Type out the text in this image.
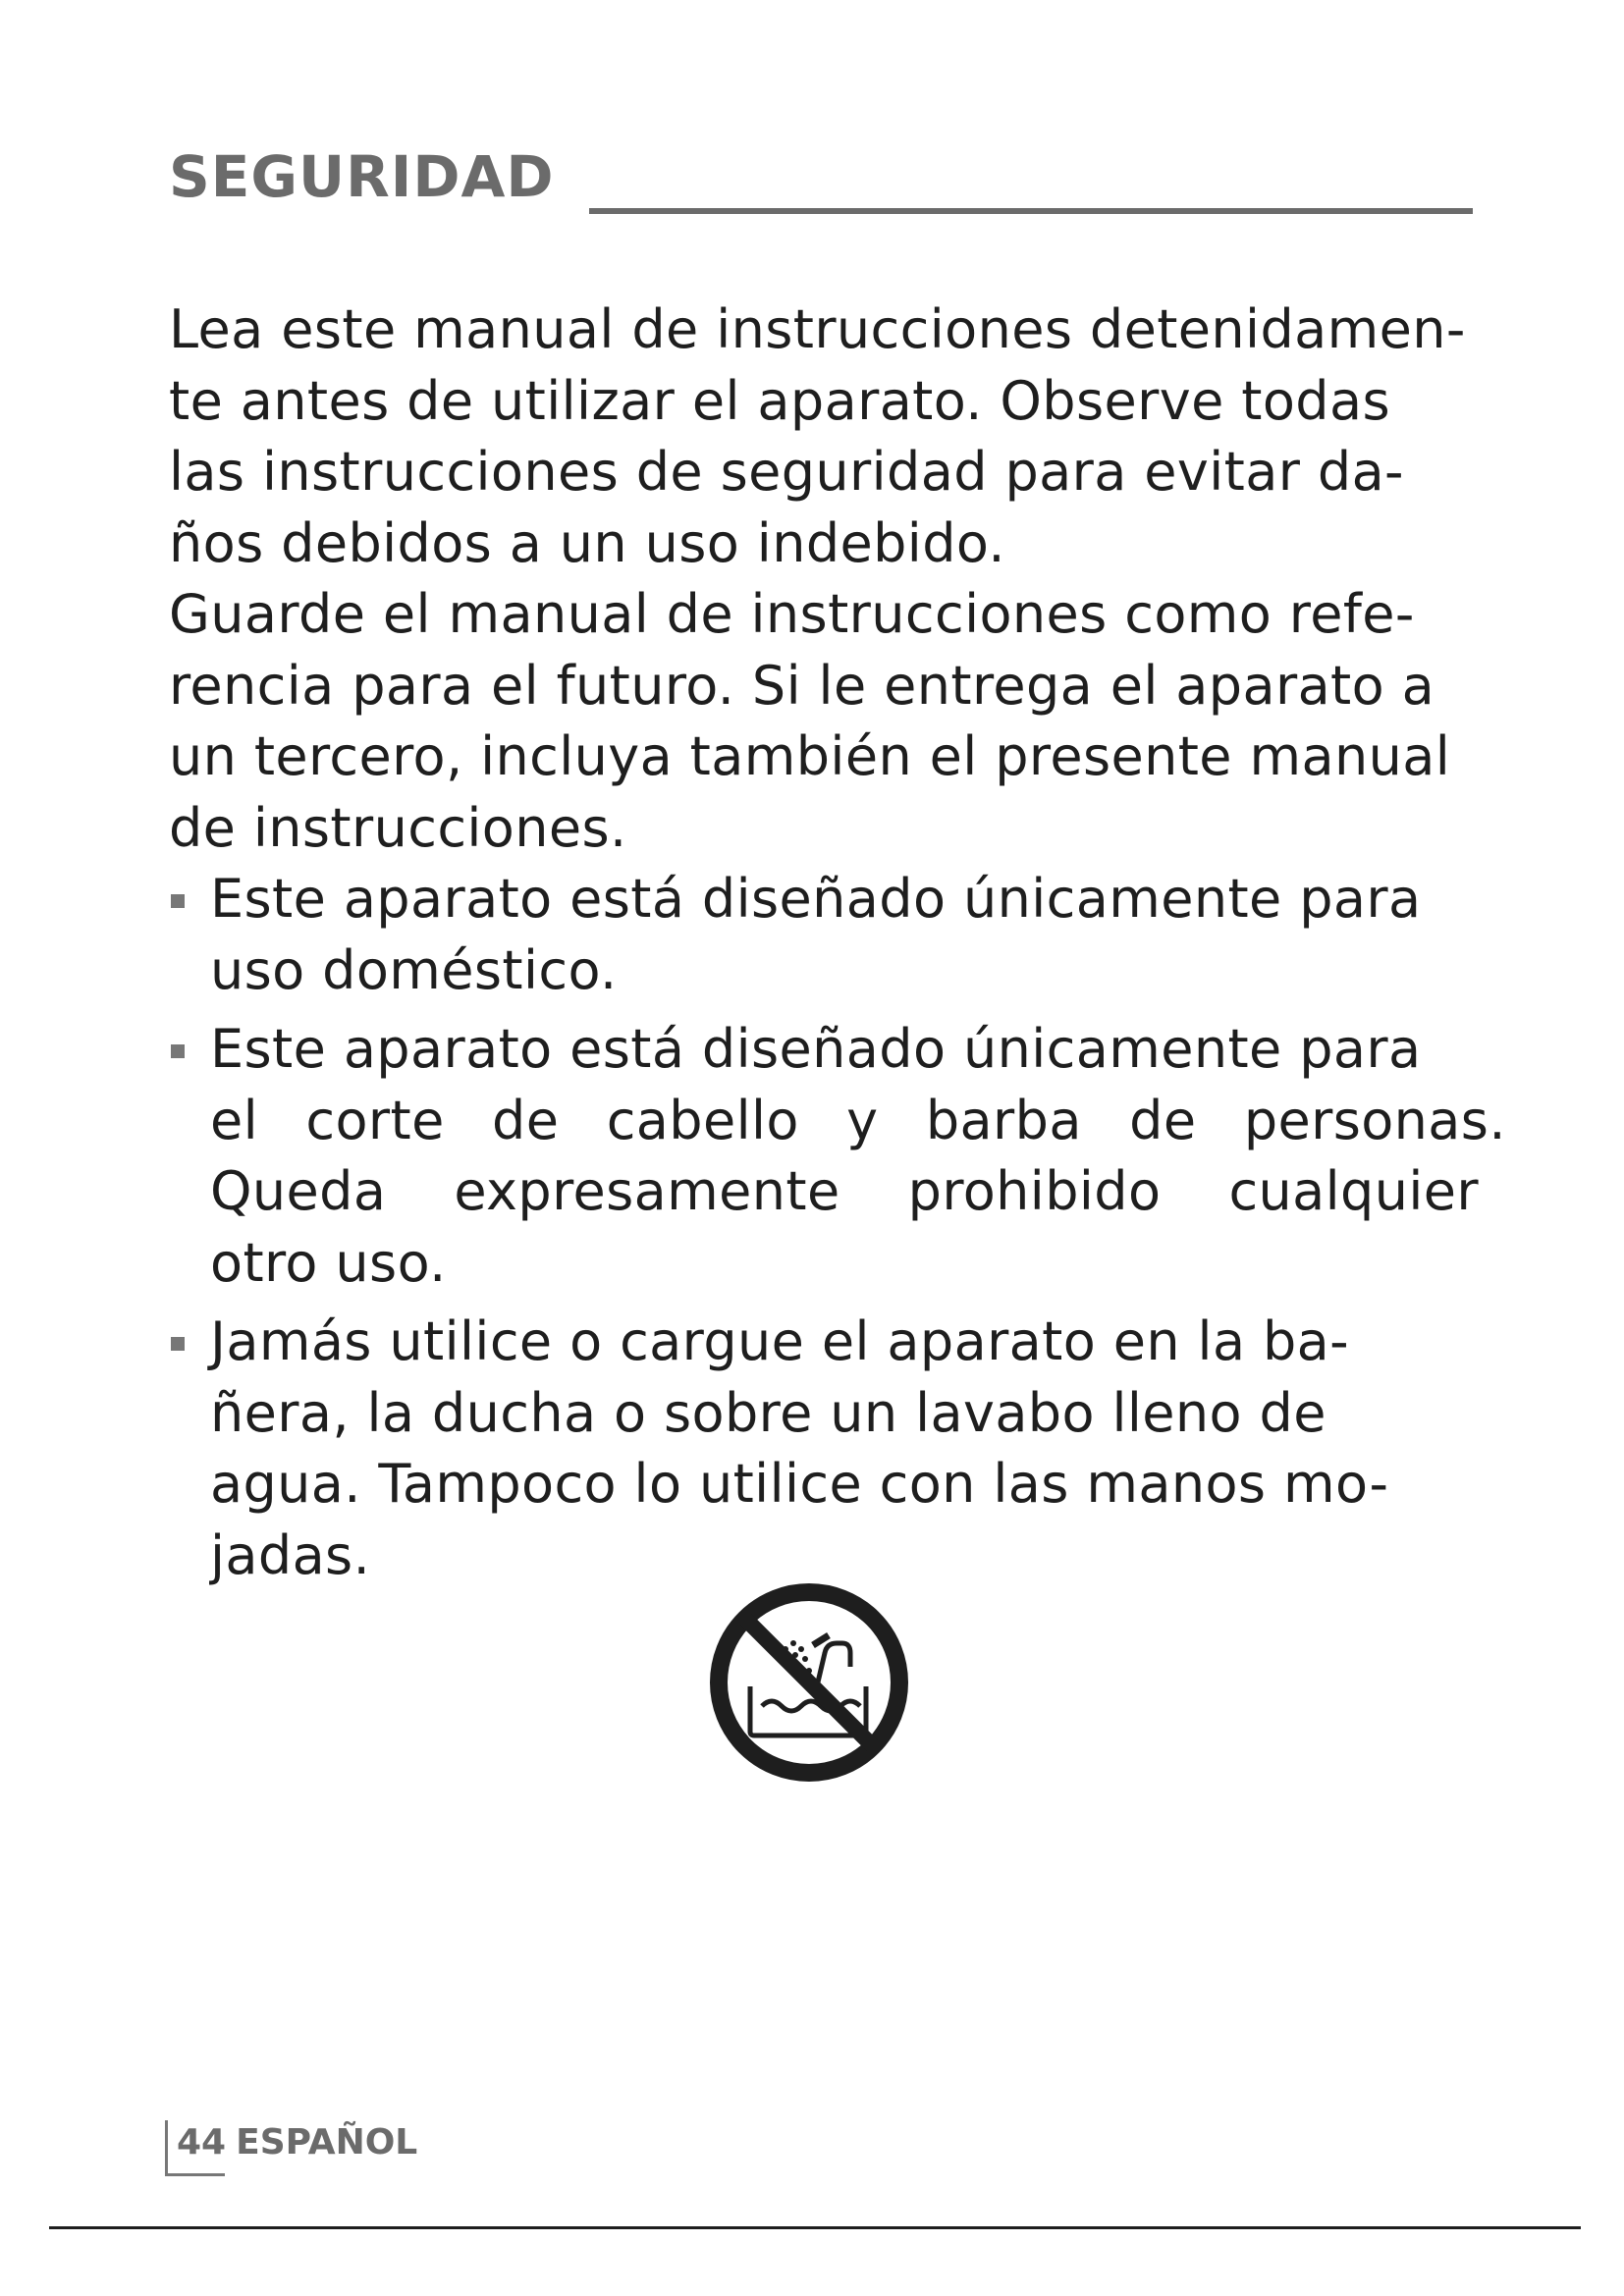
SEGURIDAD

Lea este manual de instrucciones detenidamen-
te antes de utilizar el aparato. Observe todas
las instrucciones de seguridad para evitar da-
ños debidos a un uso indebido.
Guarde el manual de instrucciones como refe-
rencia para el futuro. Si le entrega el aparato a
un tercero, incluya también el presente manual
de instrucciones.

Este aparato está diseñado únicamente para
uso doméstico.
Este aparato está diseñado únicamente para
el corte de cabello y barba de personas.
Queda expresamente prohibido cualquier
otro uso.
Jamás utilice o cargue el aparato en la ba-
ñera, la ducha o sobre un lavabo lleno de
agua. Tampoco lo utilice con las manos mo-
jadas.
44 ESPAÑOL
